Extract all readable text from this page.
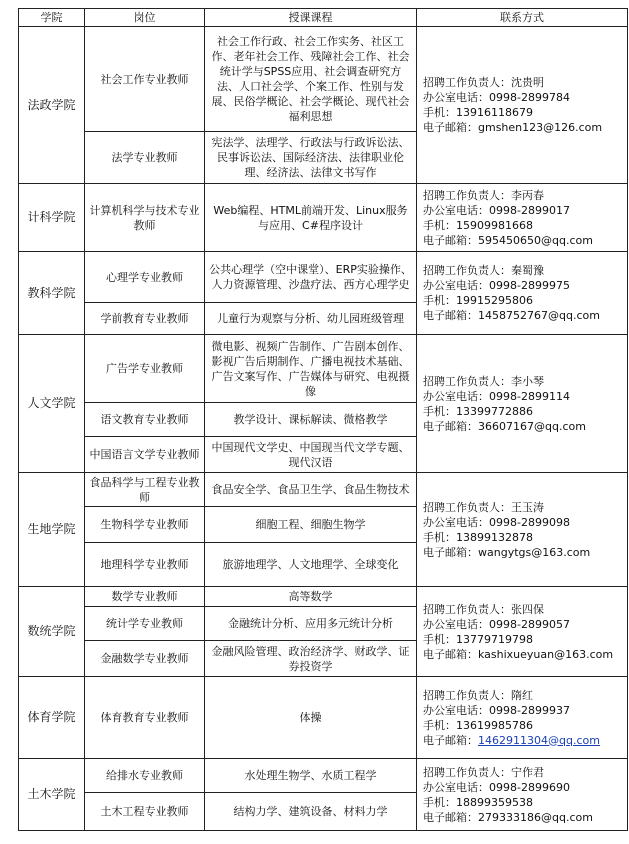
学院	岗位	授课课程	联系方式
法政学院	社会工作专业教师	社会工作行政、社会工作实务、社区工作、老年社会工作、残障社会工作、社会统计学与SPSS应用、社会调查研究方法、人口社会学、个案工作、性别与发展、民俗学概论、社会学概论、现代社会福利思想	招聘工作负责人：沈贵明
办公室电话：0998-2899784
手机：13916118679
电子邮箱：gmshen123@126.com

	法学专业教师	宪法学、法理学、行政法与行政诉讼法、民事诉讼法、国际经济法、法律职业伦理、经济法、法律文书写作	
计科学院	计算机科学与技术专业教师	Web编程、HTML前端开发、Linux服务与应用、C#程序设计	招聘工作负责人：李丙春
办公室电话：0998-2899017
手机：15909981668
电子邮箱：595450650@qq.com

教科学院	心理学专业教师	公共心理学（空中课堂）、ERP实验操作、人力资源管理、沙盘疗法、西方心理学史	招聘工作负责人：秦蜀豫
办公室电话：0998-2899975
手机：19915295806
电子邮箱：1458752767@qq.com

	学前教育专业教师	儿童行为观察与分析、幼儿园班级管理	
人文学院	广告学专业教师	微电影、视频广告制作、广告剧本创作、影视广告后期制作、广播电视技术基础、广告文案写作、广告媒体与研究、电视摄像	招聘工作负责人：李小琴
办公室电话：0998-2899114
手机：13399772886
电子邮箱：36607167@qq.com

	语文教育专业教师	教学设计、课标解读、微格教学	
	中国语言文学专业教师	中国现代文学史、中国现当代文学专题、现代汉语	
生地学院	食品科学与工程专业教师	食品安全学、食品卫生学、食品生物技术	招聘工作负责人：王玉涛
办公室电话：0998-2899098
手机：13899132878
电子邮箱：wangytgs@163.com

	生物科学专业教师	细胞工程、细胞生物学	
	地理科学专业教师	旅游地理学、人文地理学、全球变化	
数统学院	数学专业教师	高等数学	招聘工作负责人：张四保
办公室电话：0998-2899057
手机：13779719798
电子邮箱：kashixueyuan@163.com

	统计学专业教师	金融统计分析、应用多元统计分析	
	金融数学专业教师	金融风险管理、政治经济学、财政学、证券投资学	
体育学院	体育教育专业教师	体操	招聘工作负责人：隋红
办公室电话：0998-2899937
手机：13619985786
电子邮箱：1462911304@qq.com

土木学院	给排水专业教师	水处理生物学、水质工程学	招聘工作负责人：宁作君
办公室电话：0998-2899690
手机：18899359538
电子邮箱：279333186@qq.com

	土木工程专业教师	结构力学、建筑设备、材料力学	
